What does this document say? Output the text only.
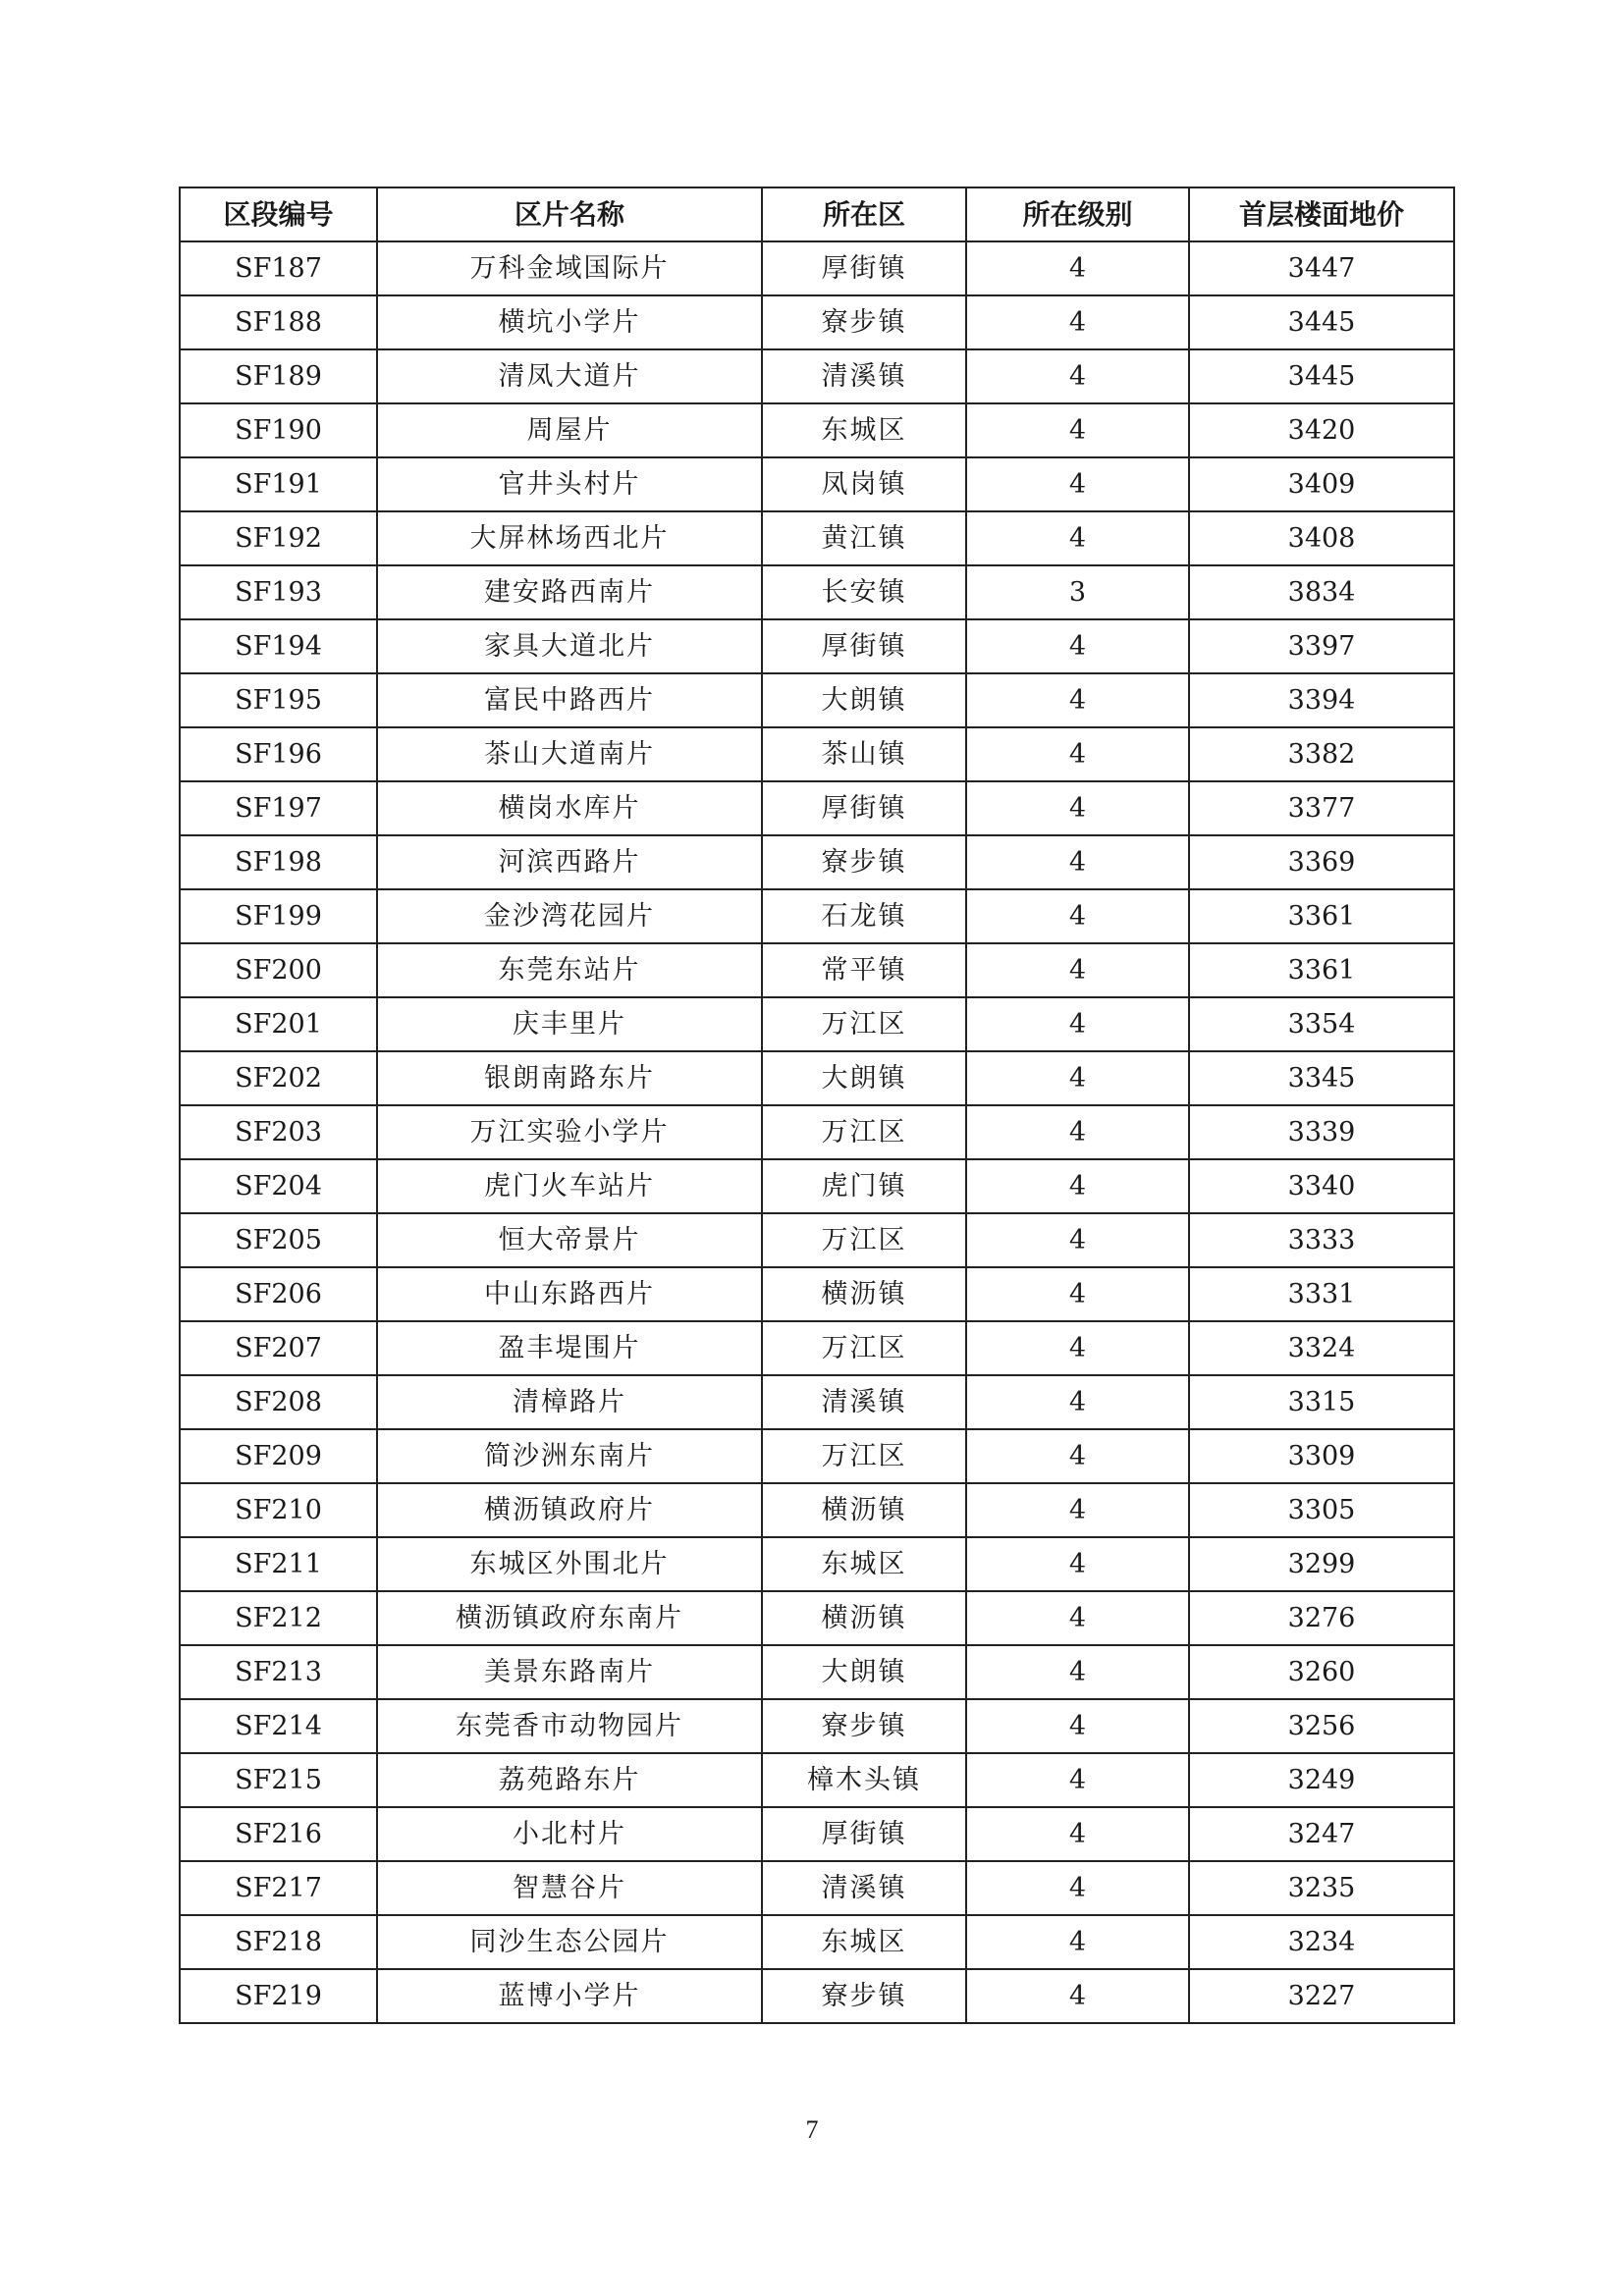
区段编号	区片名称	所在区	所在级别	首层楼面地价
SF187	万科金域国际片	厚街镇	4	3447
SF188	横坑小学片	寮步镇	4	3445
SF189	清凤大道片	清溪镇	4	3445
SF190	周屋片	东城区	4	3420
SF191	官井头村片	凤岗镇	4	3409
SF192	大屏林场西北片	黄江镇	4	3408
SF193	建安路西南片	长安镇	3	3834
SF194	家具大道北片	厚街镇	4	3397
SF195	富民中路西片	大朗镇	4	3394
SF196	茶山大道南片	茶山镇	4	3382
SF197	横岗水库片	厚街镇	4	3377
SF198	河滨西路片	寮步镇	4	3369
SF199	金沙湾花园片	石龙镇	4	3361
SF200	东莞东站片	常平镇	4	3361
SF201	庆丰里片	万江区	4	3354
SF202	银朗南路东片	大朗镇	4	3345
SF203	万江实验小学片	万江区	4	3339
SF204	虎门火车站片	虎门镇	4	3340
SF205	恒大帝景片	万江区	4	3333
SF206	中山东路西片	横沥镇	4	3331
SF207	盈丰堤围片	万江区	4	3324
SF208	清樟路片	清溪镇	4	3315
SF209	简沙洲东南片	万江区	4	3309
SF210	横沥镇政府片	横沥镇	4	3305
SF211	东城区外围北片	东城区	4	3299
SF212	横沥镇政府东南片	横沥镇	4	3276
SF213	美景东路南片	大朗镇	4	3260
SF214	东莞香市动物园片	寮步镇	4	3256
SF215	荔苑路东片	樟木头镇	4	3249
SF216	小北村片	厚街镇	4	3247
SF217	智慧谷片	清溪镇	4	3235
SF218	同沙生态公园片	东城区	4	3234
SF219	蓝博小学片	寮步镇	4	3227
7
